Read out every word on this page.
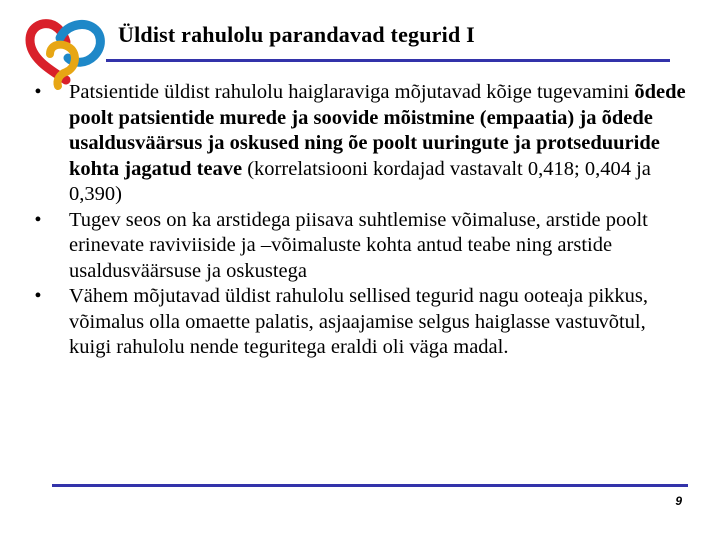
Üldist rahulolu parandavad tegurid I
•	Patsientide üldist rahulolu haiglaraviga mõjutavad kõige tugevamini õdede poolt patsientide murede ja soovide mõistmine (empaatia) ja õdede usaldusväärsus ja oskused ning õe poolt uuringute ja protseduuride kohta jagatud teave (korrelatsiooni kordajad vastavalt 0,418; 0,404 ja 0,390)
•	Tugev seos on ka arstidega piisava suhtlemise võimaluse, arstide poolt erinevate raviviiside ja –võimaluste kohta antud teabe ning arstide usaldusväärsuse ja oskustega
•	Vähem mõjutavad üldist rahulolu sellised tegurid nagu ooteaja pikkus, võimalus olla omaette palatis, asjaajamise selgus haiglasse vastuvõtul, kuigi rahulolu nende teguritega eraldi oli väga madal.
9
